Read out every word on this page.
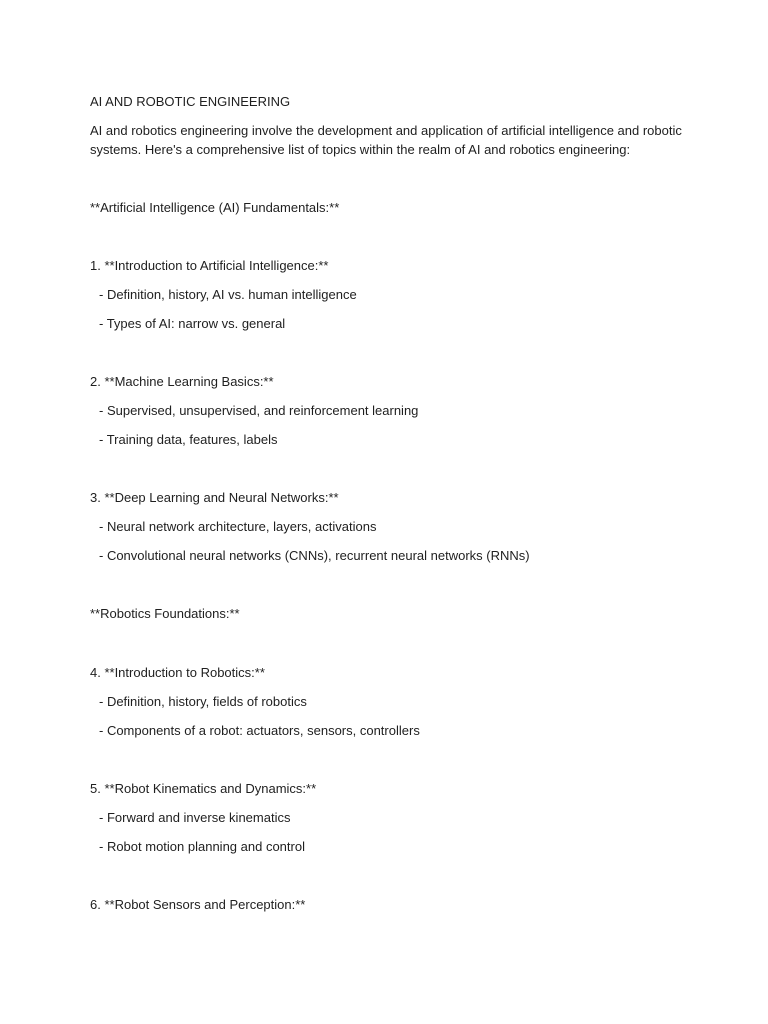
AI AND ROBOTIC ENGINEERING
AI and robotics engineering involve the development and application of artificial intelligence and robotic
systems. Here's a comprehensive list of topics within the realm of AI and robotics engineering:
**Artificial Intelligence (AI) Fundamentals:**
1. **Introduction to Artificial Intelligence:**
- Definition, history, AI vs. human intelligence
- Types of AI: narrow vs. general
2. **Machine Learning Basics:**
- Supervised, unsupervised, and reinforcement learning
- Training data, features, labels
3. **Deep Learning and Neural Networks:**
- Neural network architecture, layers, activations
- Convolutional neural networks (CNNs), recurrent neural networks (RNNs)
**Robotics Foundations:**
4. **Introduction to Robotics:**
- Definition, history, fields of robotics
- Components of a robot: actuators, sensors, controllers
5. **Robot Kinematics and Dynamics:**
- Forward and inverse kinematics
- Robot motion planning and control
6. **Robot Sensors and Perception:**
